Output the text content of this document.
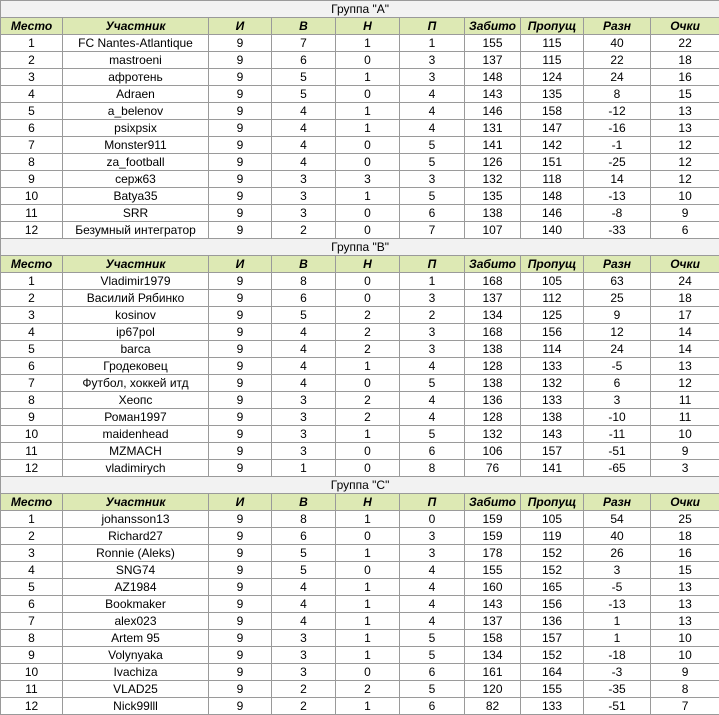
Группа "А"									
Место	Участник	И	В	Н	П	Забито	Пропущ	Разн	Очки
1	FC Nantes-Atlantique	9	7	1	1	155	115	40	22
2	mastroeni	9	6	0	3	137	115	22	18
3	афротень	9	5	1	3	148	124	24	16
4	Adraen	9	5	0	4	143	135	8	15
5	a_belenov	9	4	1	4	146	158	-12	13
6	psixpsix	9	4	1	4	131	147	-16	13
7	Monster911	9	4	0	5	141	142	-1	12
8	za_football	9	4	0	5	126	151	-25	12
9	серж63	9	3	3	3	132	118	14	12
10	Batya35	9	3	1	5	135	148	-13	10
11	SRR	9	3	0	6	138	146	-8	9
12	Безумный интегратор	9	2	0	7	107	140	-33	6
Группа "В"									
Место	Участник	И	В	Н	П	Забито	Пропущ	Разн	Очки
1	Vladimir1979	9	8	0	1	168	105	63	24
2	Василий Рябинко	9	6	0	3	137	112	25	18
3	kosinov	9	5	2	2	134	125	9	17
4	ip67pol	9	4	2	3	168	156	12	14
5	barca	9	4	2	3	138	114	24	14
6	Гродековец	9	4	1	4	128	133	-5	13
7	Футбол, хоккей итд	9	4	0	5	138	132	6	12
8	Хеопс	9	3	2	4	136	133	3	11
9	Роман1997	9	3	2	4	128	138	-10	11
10	maidenhead	9	3	1	5	132	143	-11	10
11	MZMACH	9	3	0	6	106	157	-51	9
12	vladimirych	9	1	0	8	76	141	-65	3
Группа "С"									
Место	Участник	И	В	Н	П	Забито	Пропущ	Разн	Очки
1	johansson13	9	8	1	0	159	105	54	25
2	Richard27	9	6	0	3	159	119	40	18
3	Ronnie (Aleks)	9	5	1	3	178	152	26	16
4	SNG74	9	5	0	4	155	152	3	15
5	AZ1984	9	4	1	4	160	165	-5	13
6	Bookmaker	9	4	1	4	143	156	-13	13
7	alex023	9	4	1	4	137	136	1	13
8	Artem 95	9	3	1	5	158	157	1	10
9	Volynyaka	9	3	1	5	134	152	-18	10
10	Ivachiza	9	3	0	6	161	164	-3	9
11	VLAD25	9	2	2	5	120	155	-35	8
12	Nick99lll	9	2	1	6	82	133	-51	7
